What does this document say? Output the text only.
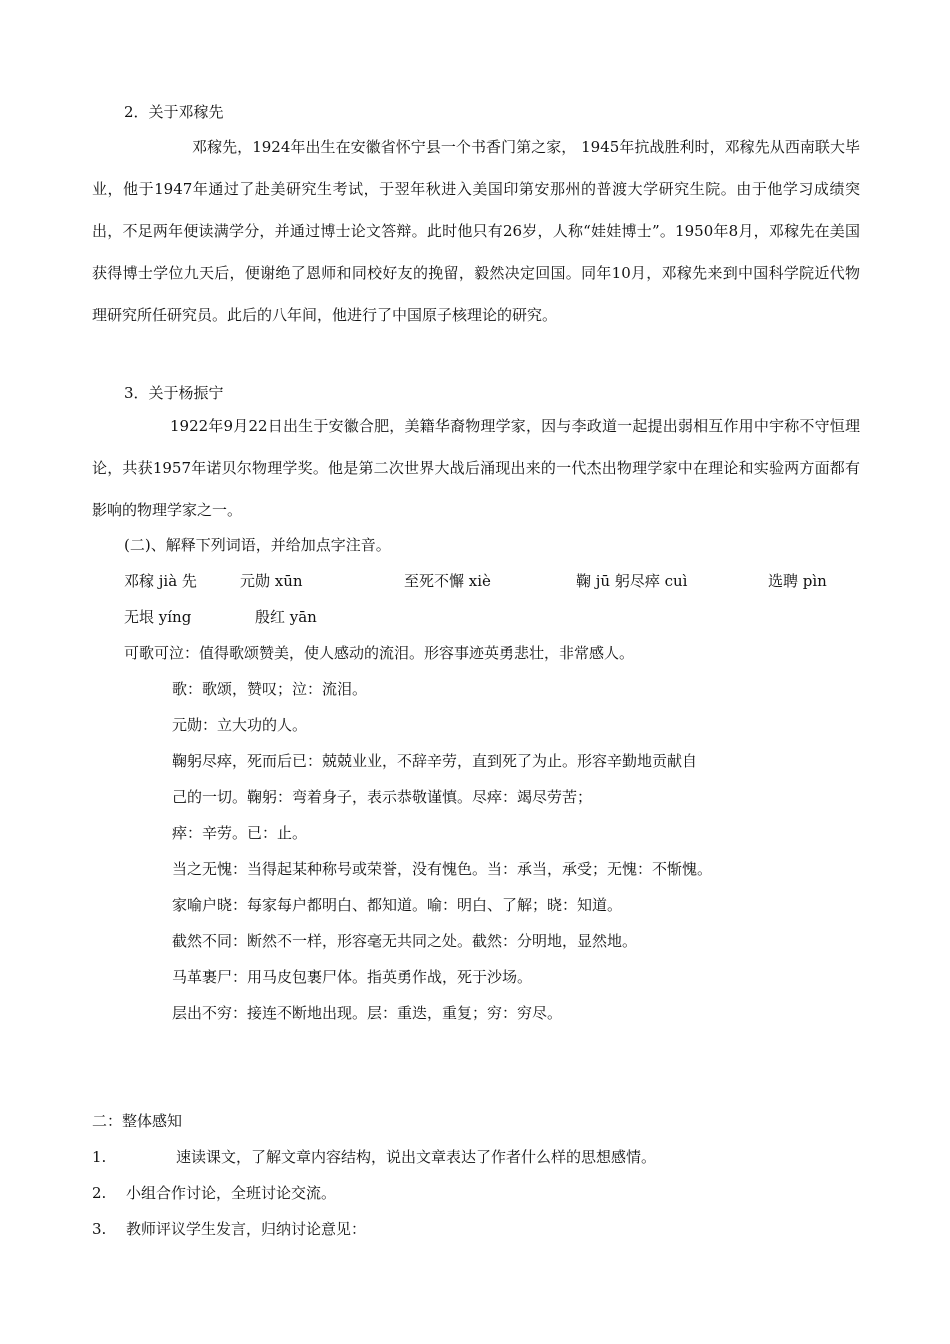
2．关于邓稼先

邓稼先，1924年出生在安徽省怀宁县一个书香门第之家， 1945年抗战胜利时，邓稼先从西南联大毕业，他于1947年通过了赴美研究生考试，于翌年秋进入美国印第安那州的普渡大学研究生院。由于他学习成绩突出，不足两年便读满学分，并通过博士论文答辩。此时他只有26岁，人称“娃娃博士”。1950年8月，邓稼先在美国获得博士学位九天后，便谢绝了恩师和同校好友的挽留，毅然决定回国。同年10月，邓稼先来到中国科学院近代物理研究所任研究员。此后的八年间，他进行了中国原子核理论的研究。

3．关于杨振宁

1922年9月22日出生于安徽合肥，美籍华裔物理学家，因与李政道一起提出弱相互作用中宇称不守恒理论，共获1957年诺贝尔物理学奖。他是第二次世界大战后涌现出来的一代杰出物理学家中在理论和实验两方面都有影响的物理学家之一。

(二)、解释下列词语，并给加点字注音。
邓稼 jià 先	元勋 xūn	至死不懈 xiè	鞠 jū 躬尽瘁 cuì	选聘 pìn
无垠 yíng	殷红 yān
可歌可泣：值得歌颂赞美，使人感动的流泪。形容事迹英勇悲壮，非常感人。
歌：歌颂，赞叹；泣：流泪。
元勋：立大功的人。
鞠躬尽瘁，死而后已：兢兢业业，不辞辛劳，直到死了为止。形容辛勤地贡献自
己的一切。鞠躬：弯着身子，表示恭敬谨慎。尽瘁：竭尽劳苦；
瘁：辛劳。已：止。
当之无愧：当得起某种称号或荣誉，没有愧色。当：承当，承受；无愧：不惭愧。
家喻户晓：每家每户都明白、都知道。喻：明白、了解；晓：知道。
截然不同：断然不一样，形容毫无共同之处。截然：分明地，显然地。
马革裹尸：用马皮包裹尸体。指英勇作战，死于沙场。
层出不穷：接连不断地出现。层：重迭，重复；穷：穷尽。
二：整体感知
1.	速读课文，了解文章内容结构，说出文章表达了作者什么样的思想感情。
2. 小组合作讨论，全班讨论交流。
3. 教师评议学生发言，归纳讨论意见：
